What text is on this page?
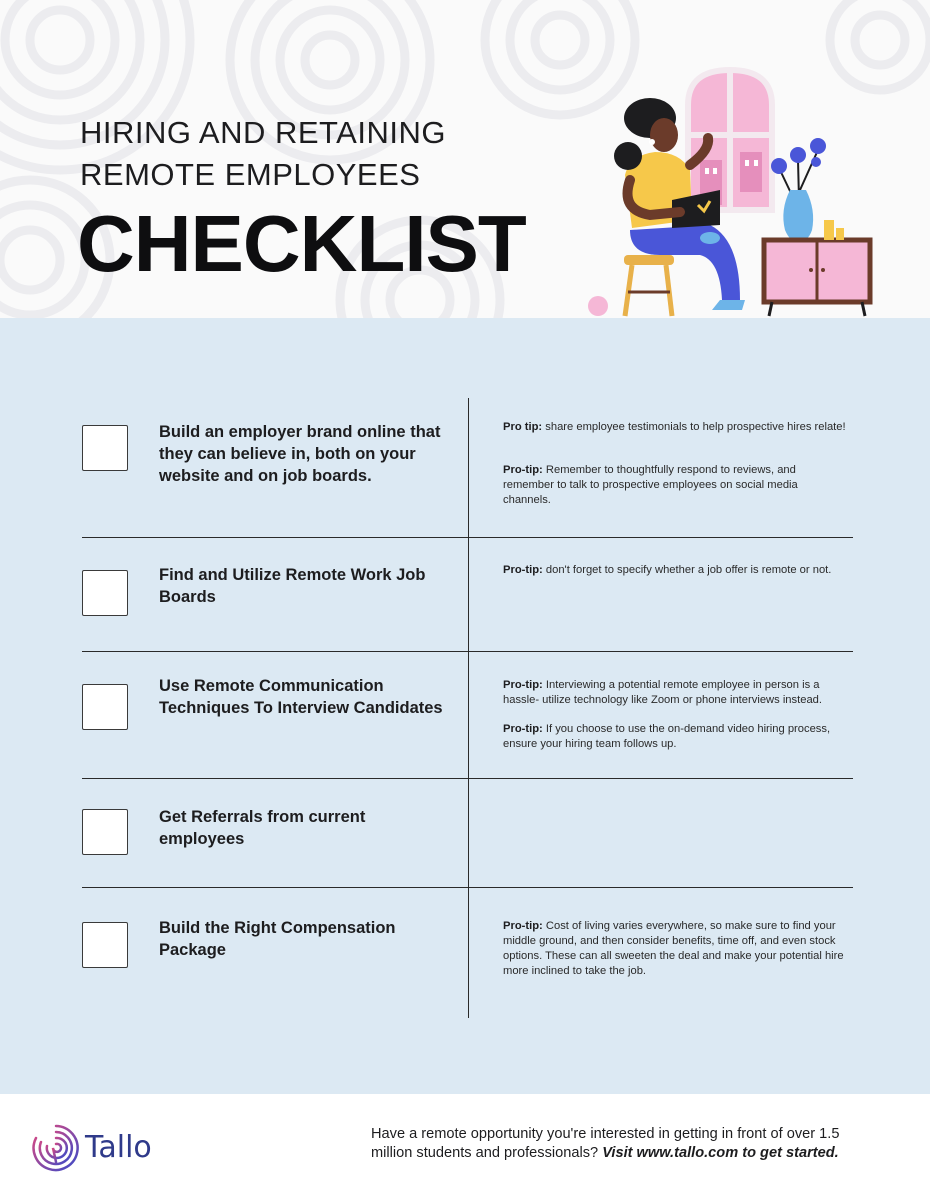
HIRING AND RETAINING
REMOTE EMPLOYEES
CHECKLIST
Build an employer brand online that they can believe in, both on your website and on job boards.
Pro tip: share employee testimonials to help prospective hires relate!
Pro-tip: Remember to thoughtfully respond to reviews, and remember to talk to prospective employees on social media channels.
Find and Utilize Remote Work Job Boards
Pro-tip: don't forget to specify whether a job offer is remote or not.
Use Remote Communication Techniques To Interview Candidates
Pro-tip: Interviewing a potential remote employee in person is a hassle- utilize technology like Zoom or phone interviews instead.
Pro-tip: If you choose to use the on-demand video hiring process, ensure your hiring team follows up.
Get Referrals from current employees
Build the Right Compensation Package
Pro-tip: Cost of living varies everywhere, so make sure to find your middle ground, and then consider benefits, time off, and even stock options. These can all sweeten the deal and make your potential hire more inclined to take the job.
Tallo	Have a remote opportunity you're interested in getting in front of over 1.5 million students and professionals? Visit www.tallo.com to get started.
